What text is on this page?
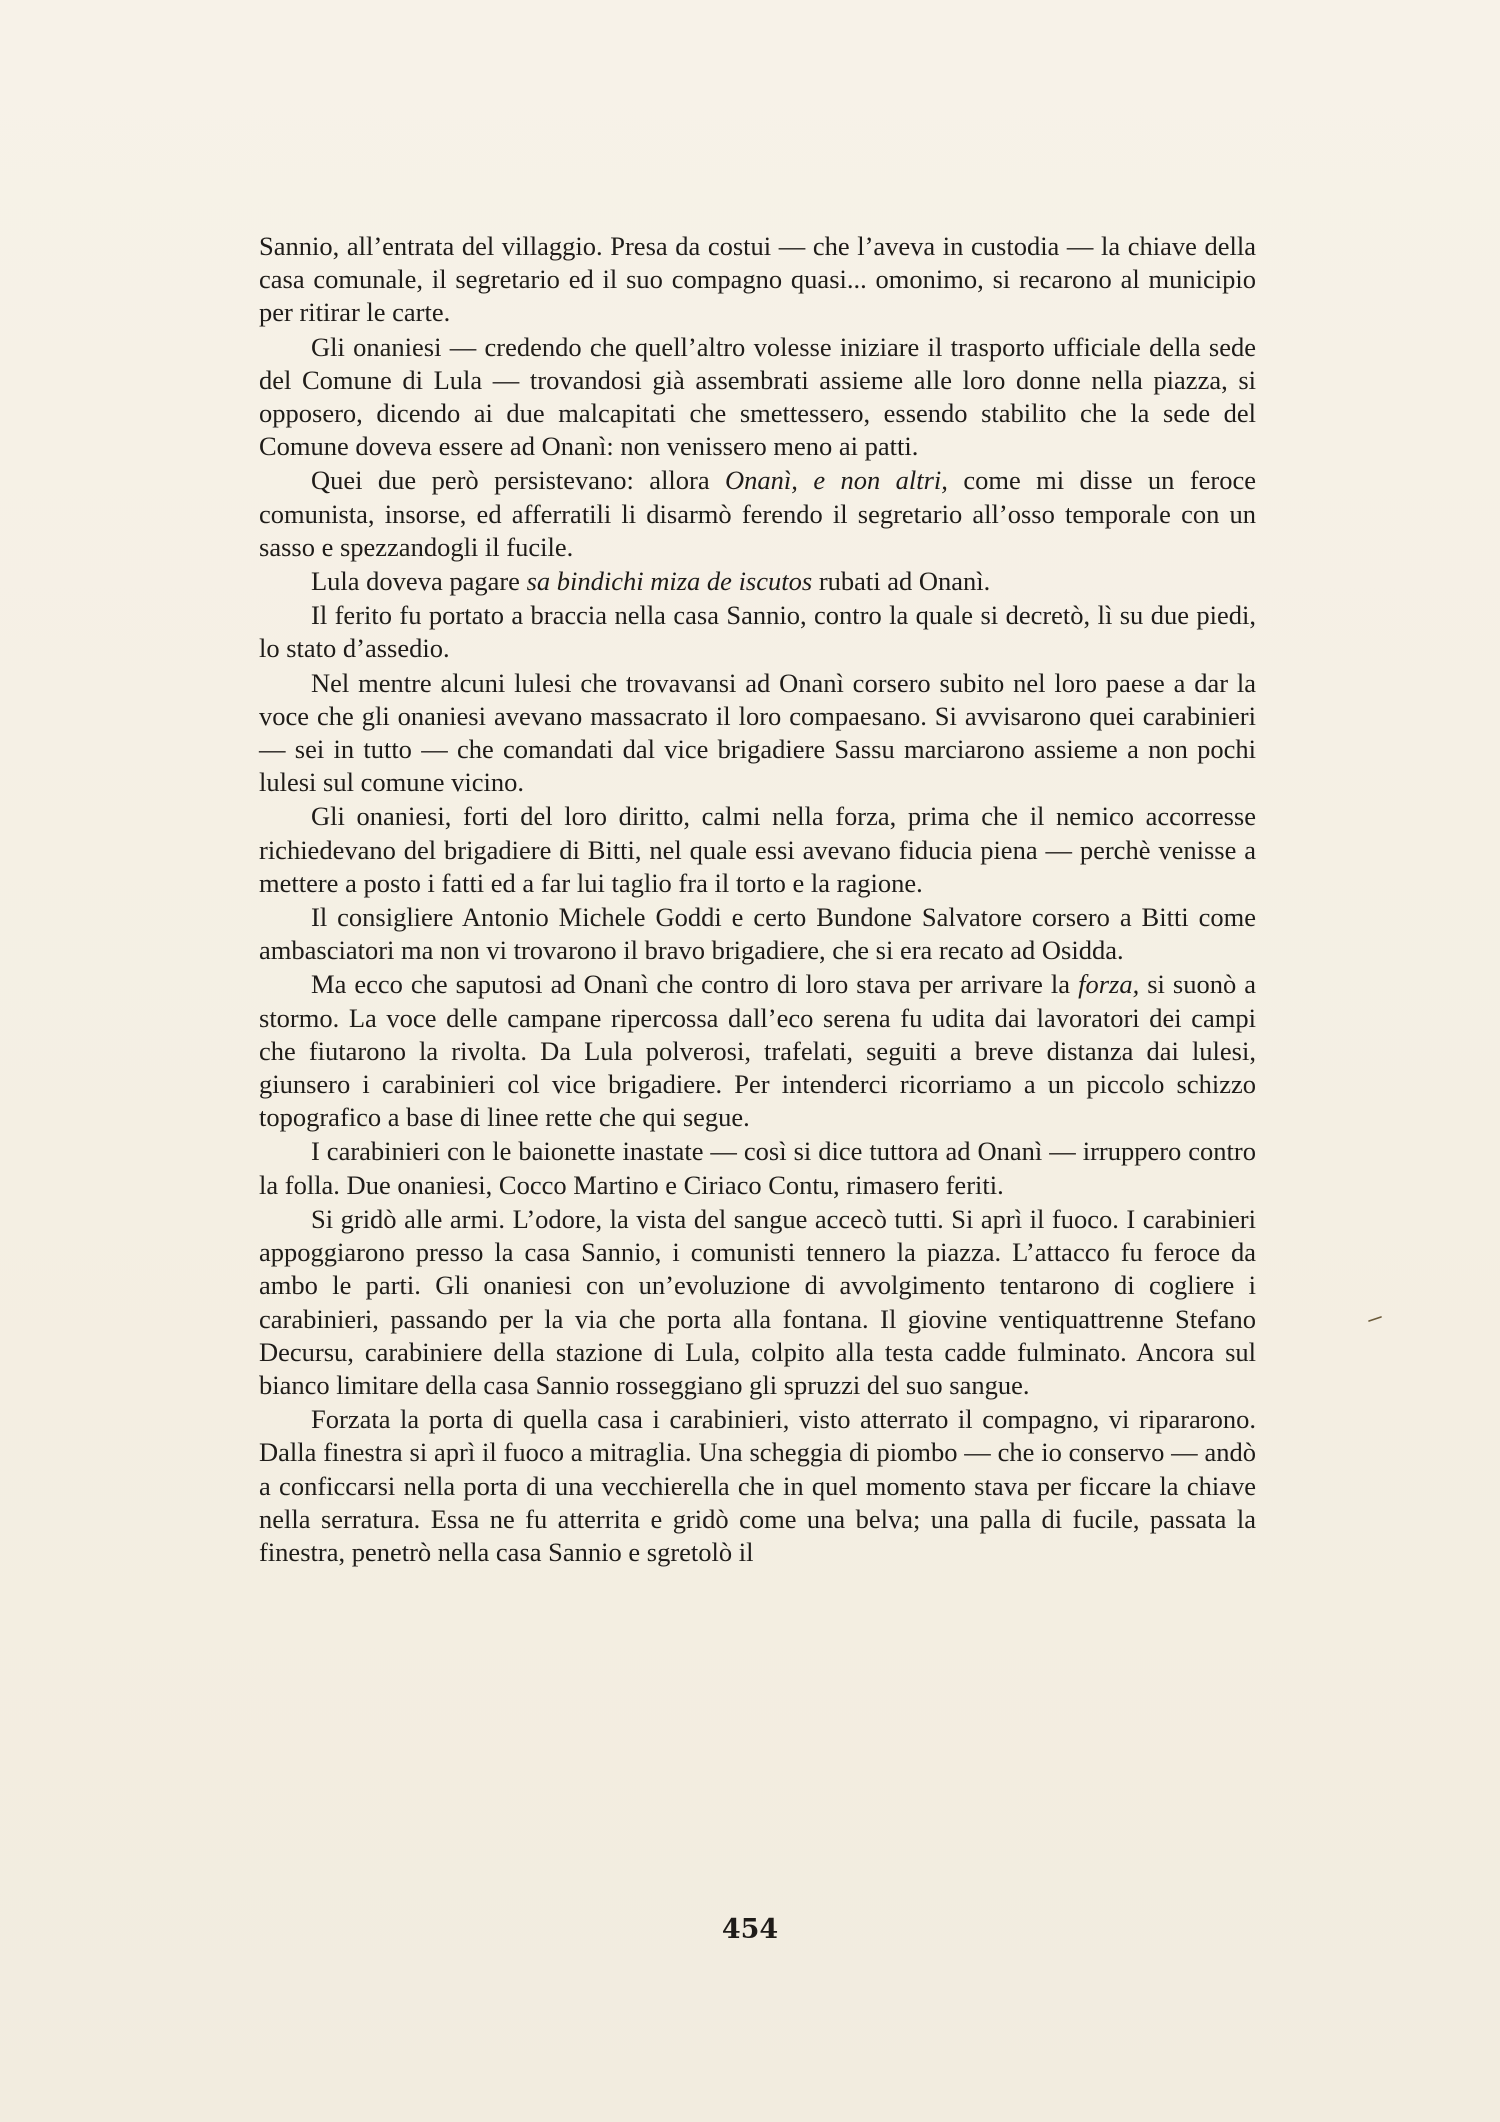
Sannio, all’entrata del villaggio. Presa da costui — che l’aveva in custodia — la chiave della casa comunale, il segretario ed il suo compagno quasi... omonimo, si recarono al municipio per ritirar le carte.

Gli onaniesi — credendo che quell’altro volesse iniziare il trasporto ufficiale della sede del Comune di Lula — trovandosi già assembrati assieme alle loro donne nella piazza, si opposero, dicendo ai due malcapitati che smettessero, essendo stabilito che la sede del Comune doveva essere ad Onanì: non venissero meno ai patti.

Quei due però persistevano: allora Onanì, e non altri, come mi disse un feroce comunista, insorse, ed afferratili li disarmò ferendo il segretario all’osso temporale con un sasso e spezzandogli il fucile.

Lula doveva pagare sa bindichi miza de iscutos rubati ad Onanì.

Il ferito fu portato a braccia nella casa Sannio, contro la quale si decretò, lì su due piedi, lo stato d’assedio.

Nel mentre alcuni lulesi che trovavansi ad Onanì corsero subito nel loro paese a dar la voce che gli onaniesi avevano massacrato il loro compaesano. Si avvisarono quei carabinieri — sei in tutto — che comandati dal vice brigadiere Sassu marciarono assieme a non pochi lulesi sul comune vicino.

Gli onaniesi, forti del loro diritto, calmi nella forza, prima che il nemico accorresse richiedevano del brigadiere di Bitti, nel quale essi avevano fiducia piena — perchè venisse a mettere a posto i fatti ed a far lui taglio fra il torto e la ragione.

Il consigliere Antonio Michele Goddi e certo Bundone Salvatore corsero a Bitti come ambasciatori ma non vi trovarono il bravo brigadiere, che si era recato ad Osidda.

Ma ecco che saputosi ad Onanì che contro di loro stava per arrivare la forza, si suonò a stormo. La voce delle campane ripercossa dall’eco serena fu udita dai lavoratori dei campi che fiutarono la rivolta. Da Lula polverosi, trafelati, seguiti a breve distanza dai lulesi, giunsero i carabinieri col vice brigadiere. Per intenderci ricorriamo a un piccolo schizzo topografico a base di linee rette che qui segue.

I carabinieri con le baionette inastate — così si dice tuttora ad Onanì — irruppero contro la folla. Due onaniesi, Cocco Martino e Ciriaco Contu, rimasero feriti.

Si gridò alle armi. L’odore, la vista del sangue accecò tutti. Si aprì il fuoco. I carabinieri appoggiarono presso la casa Sannio, i comunisti tennero la piazza. L’attacco fu feroce da ambo le parti. Gli onaniesi con un’evoluzione di avvolgimento tentarono di cogliere i carabinieri, passando per la via che porta alla fontana. Il giovine ventiquattrenne Stefano Decursu, carabiniere della stazione di Lula, colpito alla testa cadde fulminato. Ancora sul bianco limitare della casa Sannio rosseggiano gli spruzzi del suo sangue.

Forzata la porta di quella casa i carabinieri, visto atterrato il compagno, vi ripararono. Dalla finestra si aprì il fuoco a mitraglia. Una scheggia di piombo — che io conservo — andò a conficcarsi nella porta di una vecchierella che in quel momento stava per ficcare la chiave nella serratura. Essa ne fu atterrita e gridò come una belva; una palla di fucile, passata la finestra, penetrò nella casa Sannio e sgretolò il

454
